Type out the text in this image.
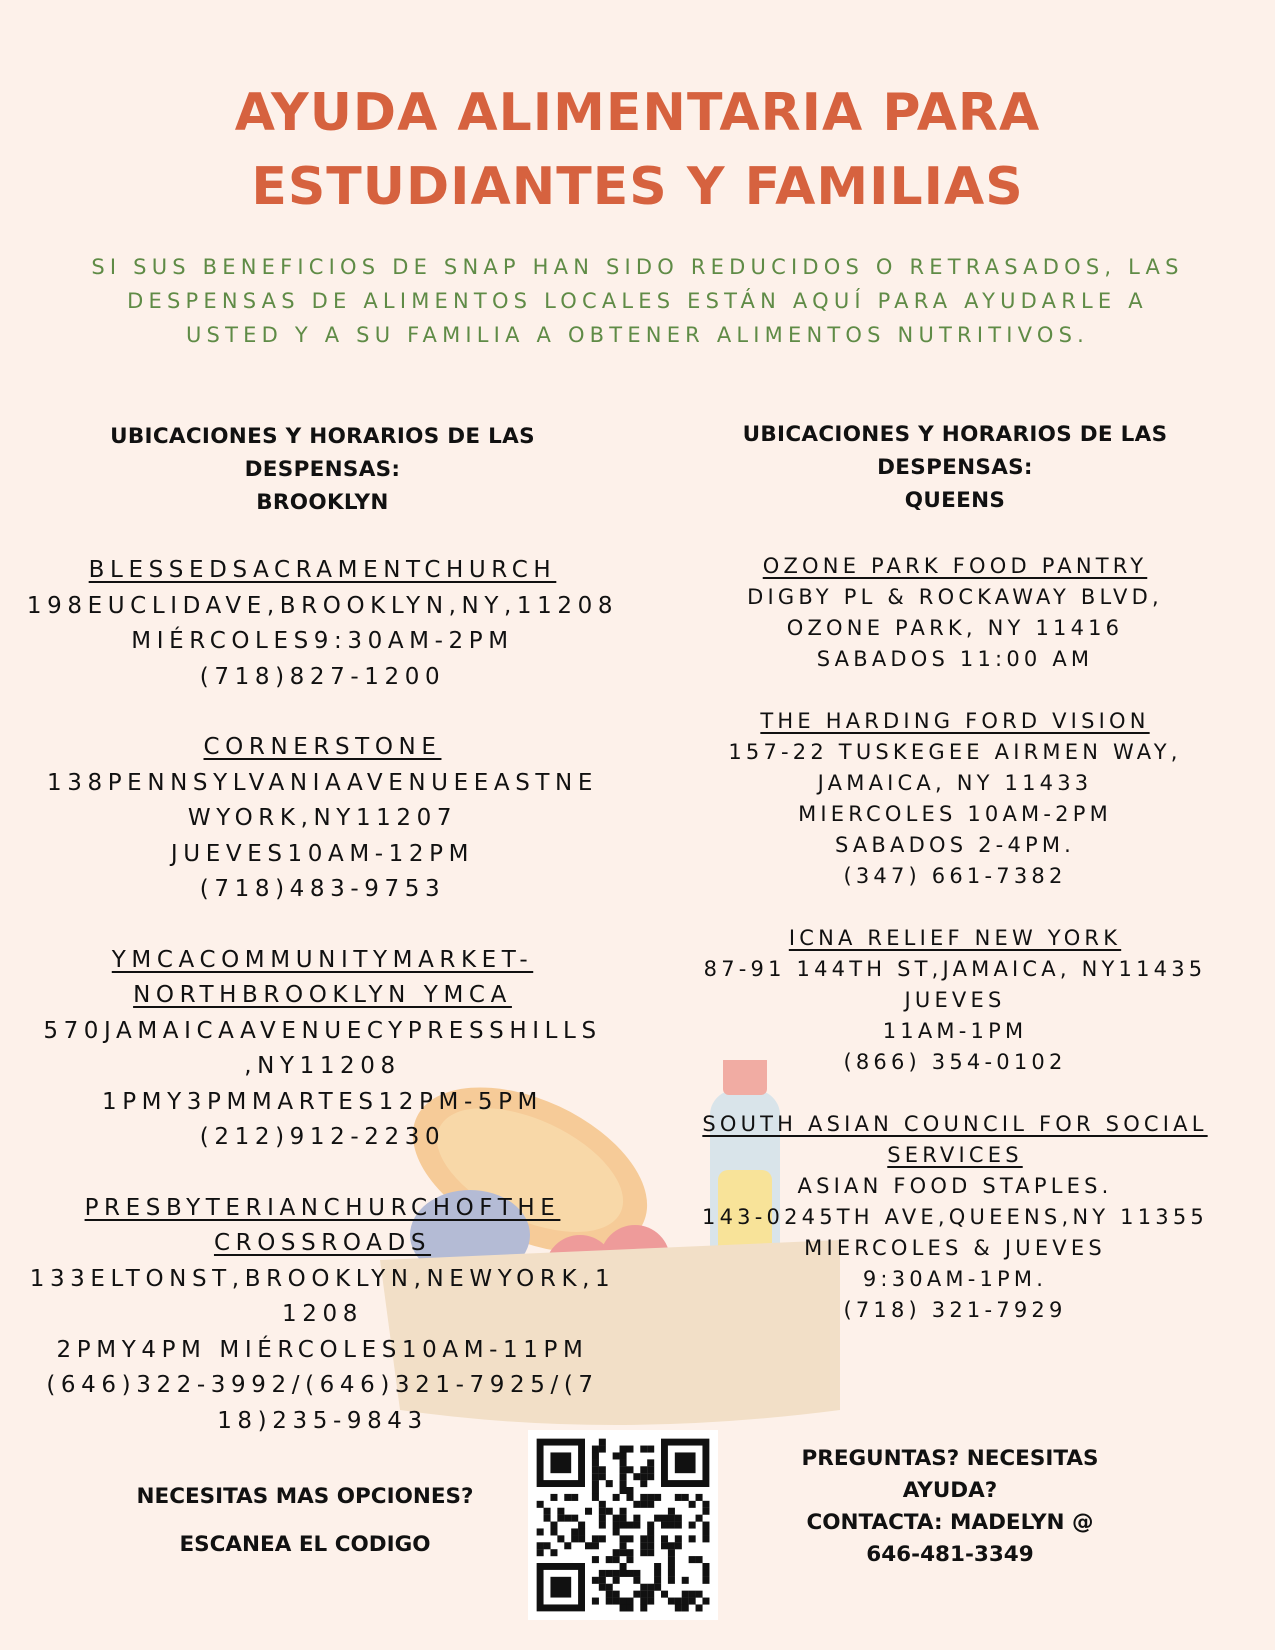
AYUDA ALIMENTARIA PARA
ESTUDIANTES Y FAMILIAS
SI SUS BENEFICIOS DE SNAP HAN SIDO REDUCIDOS O RETRASADOS, LAS
DESPENSAS DE ALIMENTOS LOCALES ESTÁN AQUÍ PARA AYUDARLE A
USTED Y A SU FAMILIA A OBTENER ALIMENTOS NUTRITIVOS.
UBICACIONES Y HORARIOS DE LAS
DESPENSAS:
BROOKLYN
BLESSEDSACRAMENTCHURCH
198EUCLIDAVE,BROOKLYN,NY,11208
MIÉRCOLES9:30AM-2PM
(718)827-1200
CORNERSTONE
138PENNSYLVANIAAVENUEEASTNE
WYORK,NY11207
JUEVES10AM-12PM
(718)483-9753
YMCACOMMUNITYMARKET-
NORTHBROOKLYN YMCA
570JAMAICAAVENUECYPRESSHILLS
,NY11208
1PMY3PMMARTES12PM-5PM
(212)912-2230
PRESBYTERIANCHURCHOFTHE
CROSSROADS
133ELTONST,BROOKLYN,NEWYORK,1
1208
2PMY4PM MIÉRCOLES10AM-11PM
(646)322-3992/(646)321-7925/(7
18)235-9843
UBICACIONES Y HORARIOS DE LAS
DESPENSAS:
QUEENS
OZONE PARK FOOD PANTRY
DIGBY PL & ROCKAWAY BLVD,
OZONE PARK, NY 11416
SABADOS 11:00 AM
THE HARDING FORD VISION
157-22 TUSKEGEE AIRMEN WAY,
JAMAICA, NY 11433
MIERCOLES 10AM-2PM
SABADOS 2-4PM.
(347) 661-7382
ICNA RELIEF NEW YORK
87-91 144TH ST,JAMAICA, NY11435
JUEVES
11AM-1PM
(866) 354-0102
SOUTH ASIAN COUNCIL FOR SOCIAL
SERVICES
ASIAN FOOD STAPLES.
143-0245TH AVE,QUEENS,NY 11355
MIERCOLES & JUEVES
9:30AM-1PM.
(718) 321-7929
NECESITAS MAS OPCIONES?
ESCANEA EL CODIGO
PREGUNTAS? NECESITAS
AYUDA?
CONTACTA: MADELYN @
646-481-3349
